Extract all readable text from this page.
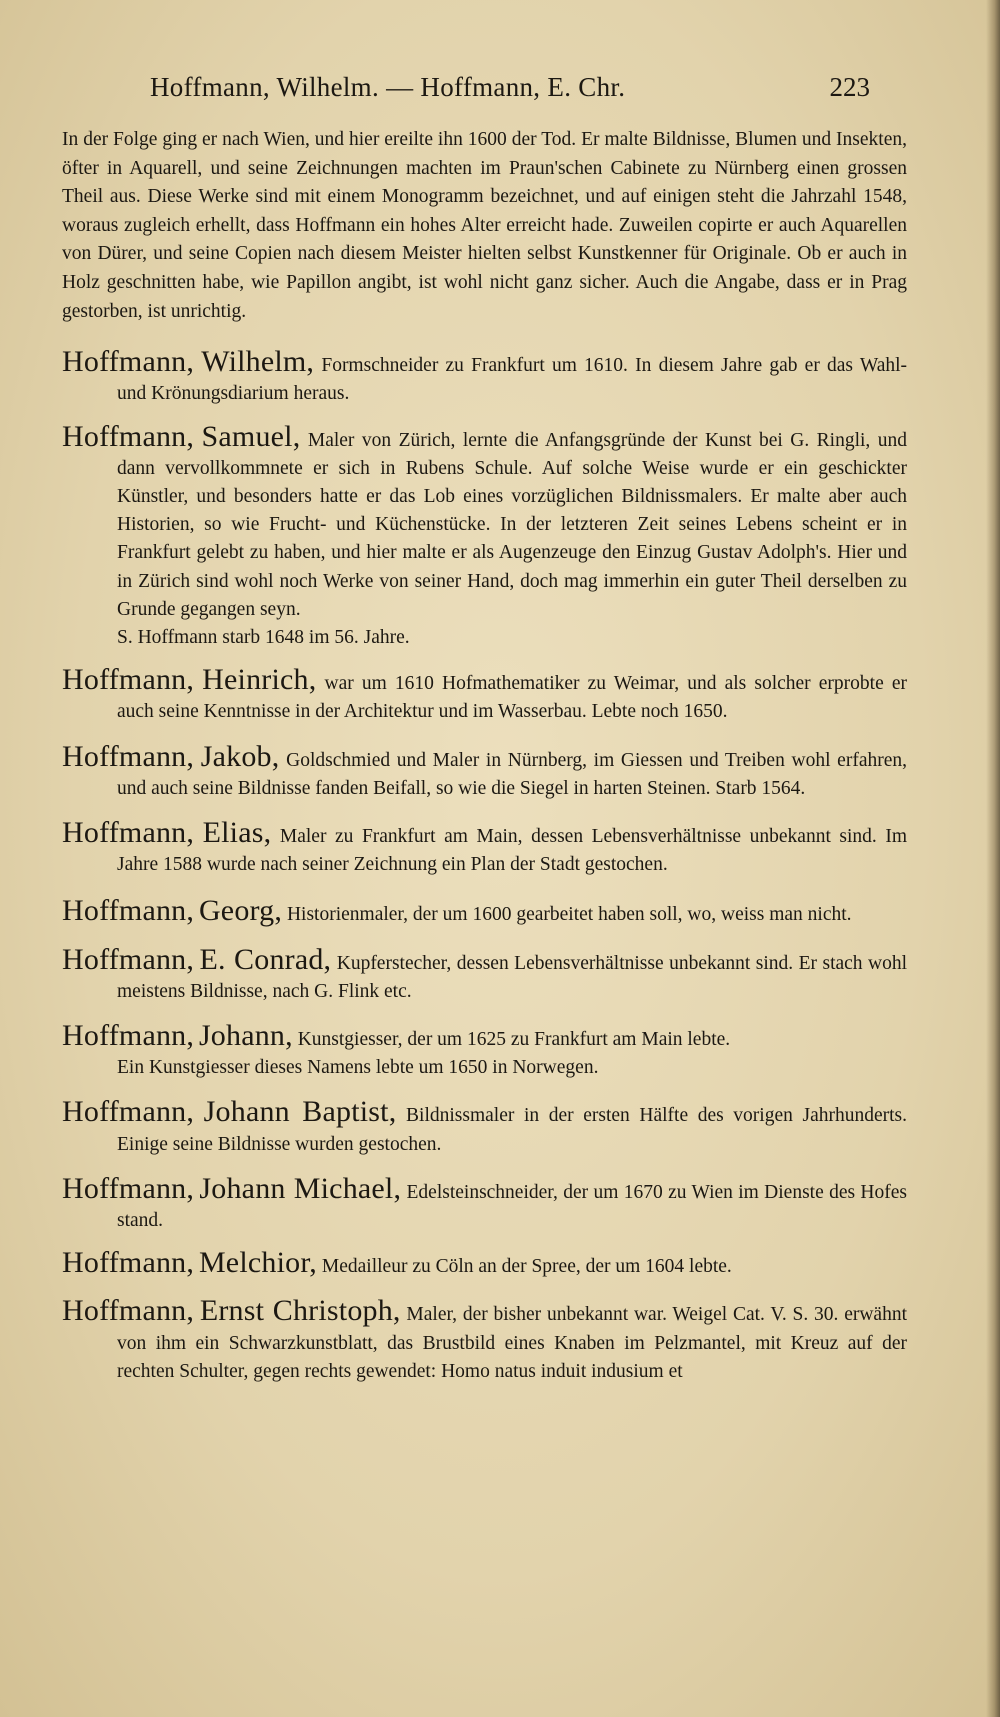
Hoffmann, Wilhelm. — Hoffmann, E. Chr.	223

In der Folge ging er nach Wien, und hier ereilte ihn 1600 der Tod. Er malte Bildnisse, Blumen und Insekten, öfter in Aquarell, und seine Zeichnungen machten im Praun'schen Cabinete zu Nürnberg einen grossen Theil aus. Diese Werke sind mit einem Monogramm bezeichnet, und auf einigen steht die Jahrzahl 1548, woraus zugleich erhellt, dass Hoffmann ein hohes Alter erreicht hade. Zuweilen copirte er auch Aquarellen von Dürer, und seine Copien nach diesem Meister hielten selbst Kunstkenner für Originale. Ob er auch in Holz geschnitten habe, wie Papillon angibt, ist wohl nicht ganz sicher. Auch die Angabe, dass er in Prag gestorben, ist unrichtig.

Hoffmann, Wilhelm, Formschneider zu Frankfurt um 1610. In diesem Jahre gab er das Wahl- und Krönungsdiarium heraus.

Hoffmann, Samuel, Maler von Zürich, lernte die Anfangsgründe der Kunst bei G. Ringli, und dann vervollkommnete er sich in Rubens Schule. Auf solche Weise wurde er ein geschickter Künstler, und besonders hatte er das Lob eines vorzüglichen Bildnissmalers. Er malte aber auch Historien, so wie Frucht- und Küchenstücke. In der letzteren Zeit seines Lebens scheint er in Frankfurt gelebt zu haben, und hier malte er als Augenzeuge den Einzug Gustav Adolph's. Hier und in Zürich sind wohl noch Werke von seiner Hand, doch mag immerhin ein guter Theil derselben zu Grunde gegangen seyn.
S. Hoffmann starb 1648 im 56. Jahre.

Hoffmann, Heinrich, war um 1610 Hofmathematiker zu Weimar, und als solcher erprobte er auch seine Kenntnisse in der Architektur und im Wasserbau. Lebte noch 1650.

Hoffmann, Jakob, Goldschmied und Maler in Nürnberg, im Giessen und Treiben wohl erfahren, und auch seine Bildnisse fanden Beifall, so wie die Siegel in harten Steinen. Starb 1564.

Hoffmann, Elias, Maler zu Frankfurt am Main, dessen Lebensverhältnisse unbekannt sind. Im Jahre 1588 wurde nach seiner Zeichnung ein Plan der Stadt gestochen.

Hoffmann, Georg, Historienmaler, der um 1600 gearbeitet haben soll, wo, weiss man nicht.

Hoffmann, E. Conrad, Kupferstecher, dessen Lebensverhältnisse unbekannt sind. Er stach wohl meistens Bildnisse, nach G. Flink etc.

Hoffmann, Johann, Kunstgiesser, der um 1625 zu Frankfurt am Main lebte.
Ein Kunstgiesser dieses Namens lebte um 1650 in Norwegen.

Hoffmann, Johann Baptist, Bildnissmaler in der ersten Hälfte des vorigen Jahrhunderts. Einige seine Bildnisse wurden gestochen.

Hoffmann, Johann Michael, Edelsteinschneider, der um 1670 zu Wien im Dienste des Hofes stand.

Hoffmann, Melchior, Medailleur zu Cöln an der Spree, der um 1604 lebte.

Hoffmann, Ernst Christoph, Maler, der bisher unbekannt war. Weigel Cat. V. S. 30. erwähnt von ihm ein Schwarzkunstblatt, das Brustbild eines Knaben im Pelzmantel, mit Kreuz auf der rechten Schulter, gegen rechts gewendet: Homo natus induit indusium et
